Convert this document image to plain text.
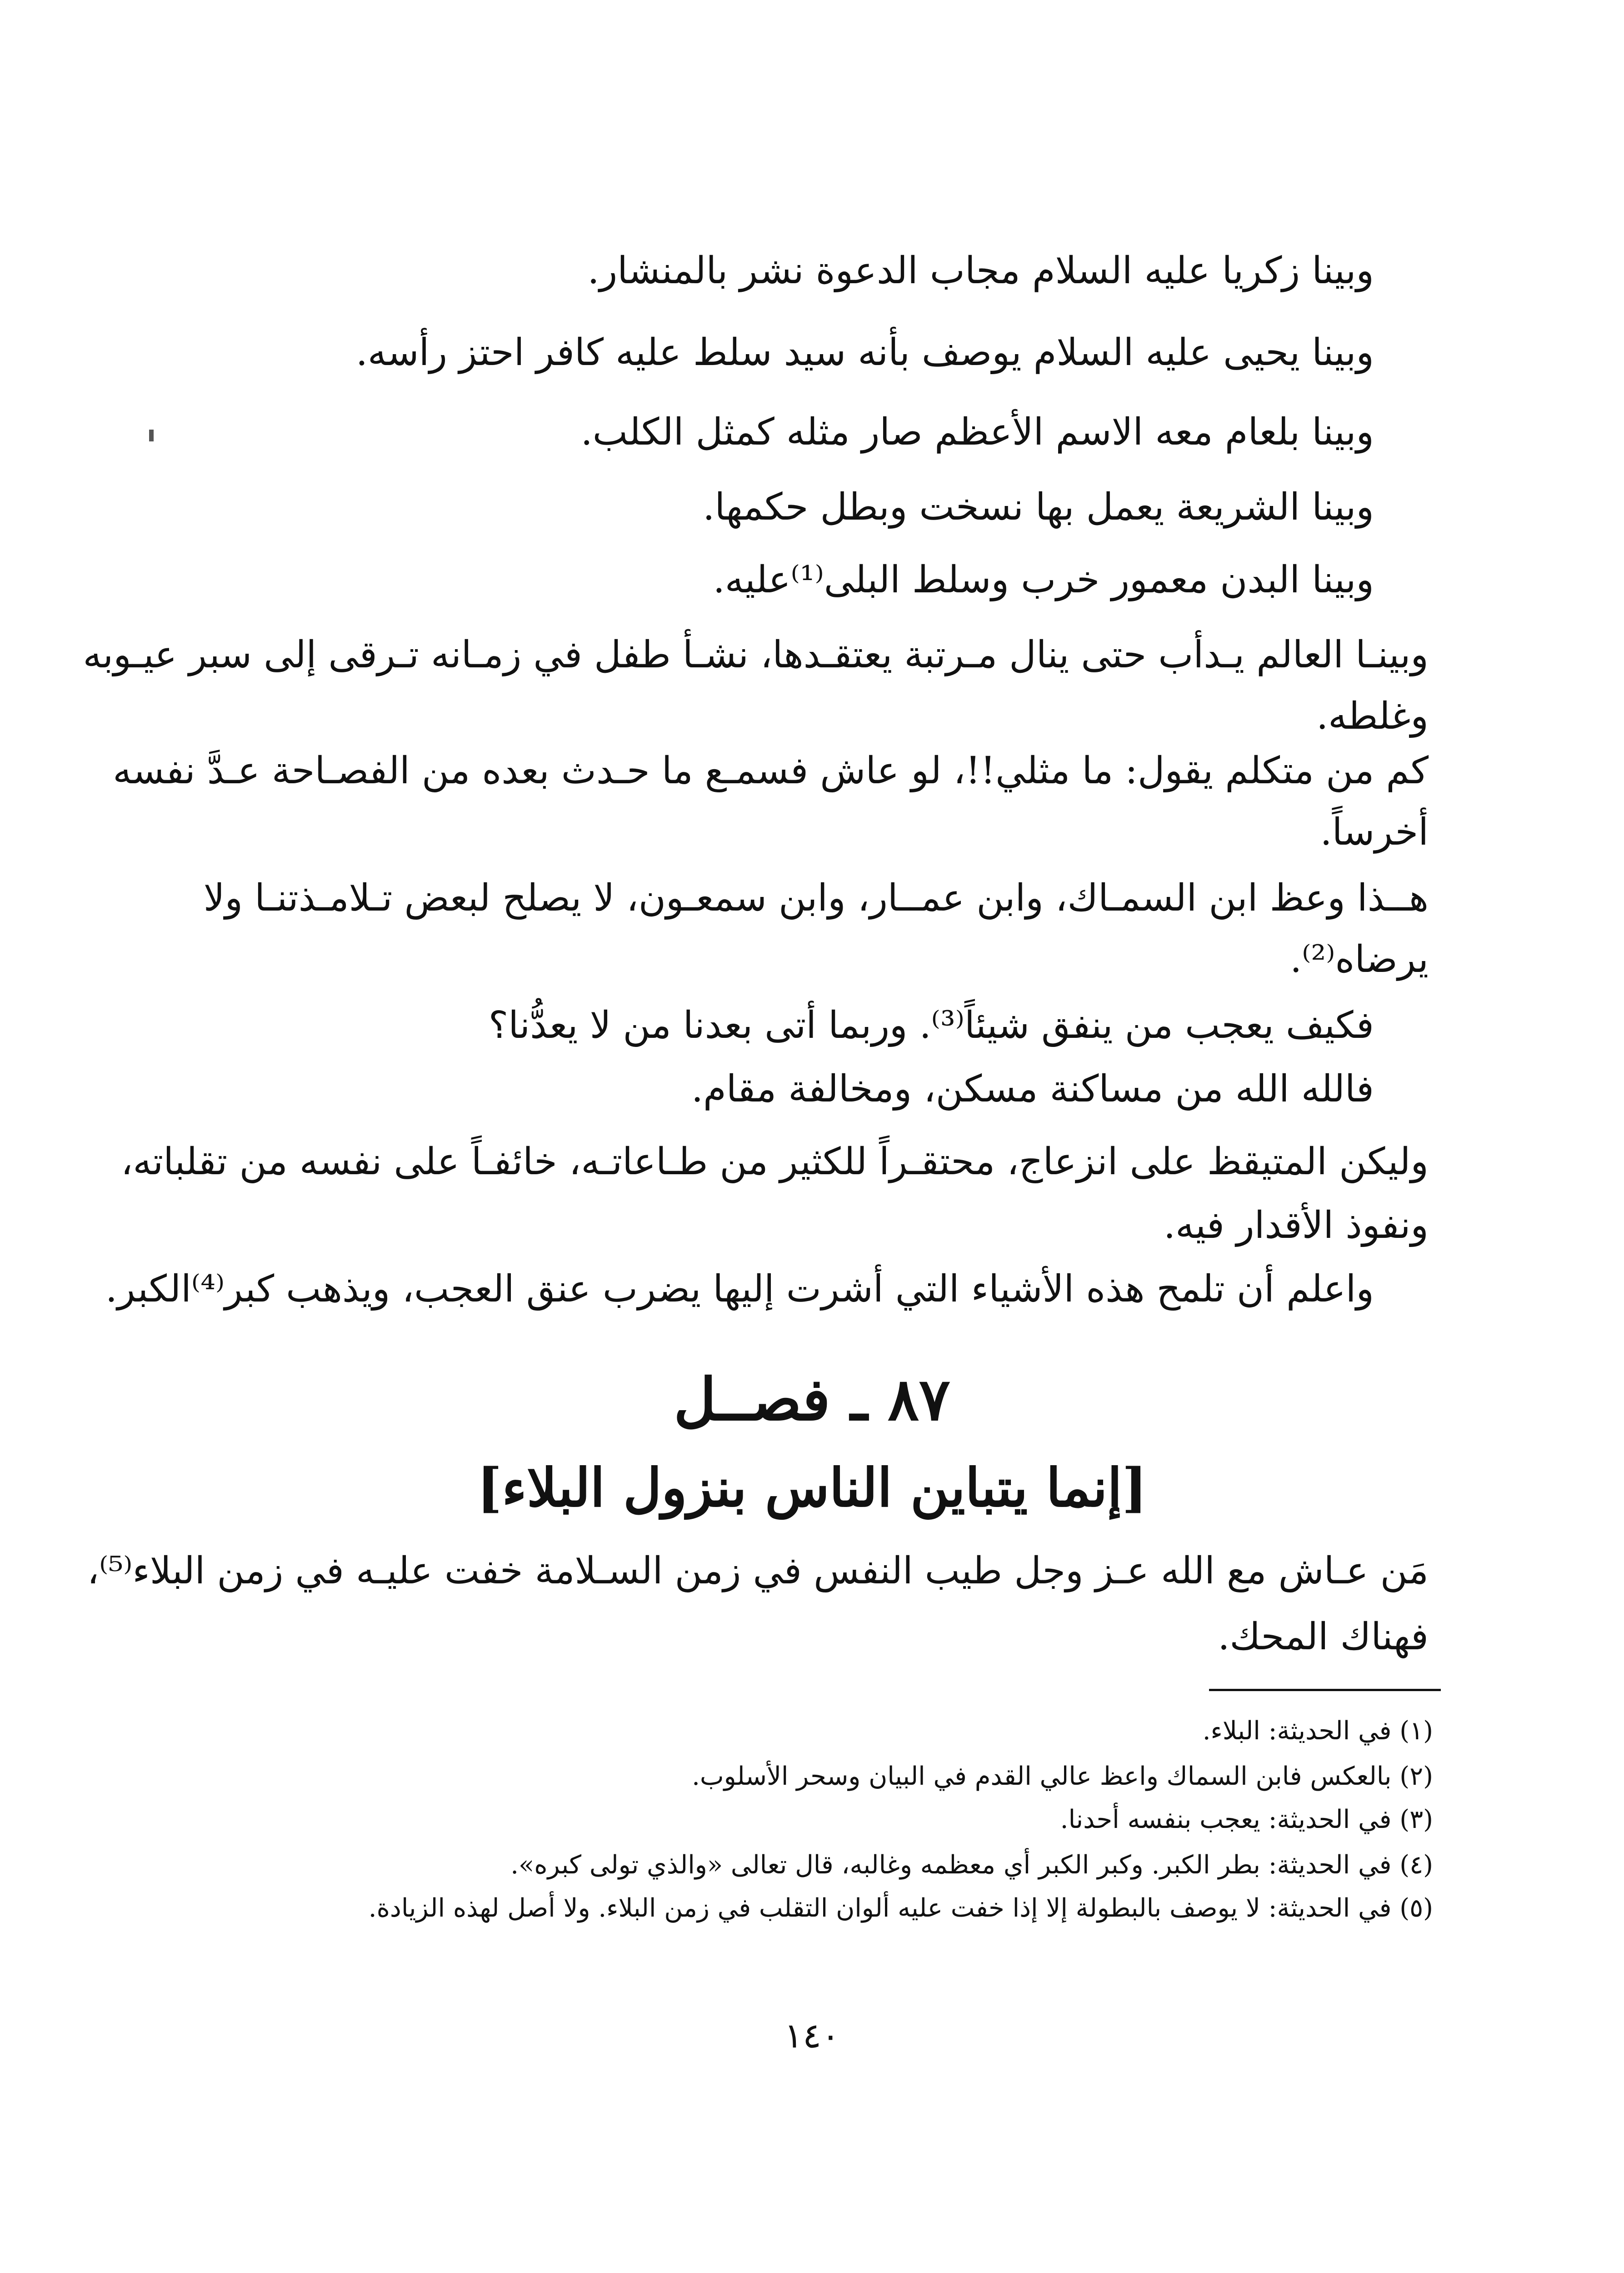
وبينا زكريا عليه السلام مجاب الدعوة نشر بالمنشار.
وبينا يحيى عليه السلام يوصف بأنه سيد سلط عليه كافر احتز رأسه.
وبينا بلعام معه الاسم الأعظم صار مثله كمثل الكلب.
وبينا الشريعة يعمل بها نسخت وبطل حكمها.
وبينا البدن معمور خرب وسلط البلى⁽¹⁾عليه.
وبينـا العالم يـدأب حتى ينال مـرتبة يعتقـدها، نشـأ طفل في زمـانه تـرقى إلى سبر عيـوبه
وغلطه.
كم من متكلم يقول: ما مثلي!!، لو عاش فسمـع ما حـدث بعده من الفصـاحة عـدَّ نفسه
أخرساً.
هــذا وعظ ابن السمـاك، وابن عمــار، وابن سمعـون، لا يصلح لبعض تـلامـذتنـا ولا
يرضاه⁽²⁾.
فكيف يعجب من ينفق شيئاً⁽³⁾. وربما أتى بعدنا من لا يعدُّنا؟
فالله الله من مساكنة مسكن، ومخالفة مقام.
وليكن المتيقظ على انزعاج، محتقـراً للكثير من طـاعاتـه، خائفـاً على نفسه من تقلباته،
ونفوذ الأقدار فيه.
واعلم أن تلمح هذه الأشياء التي أشرت إليها يضرب عنق العجب، ويذهب كبر⁽⁴⁾الكبر.
٨٧ ـ فصــل
[إنما يتباين الناس بنزول البلاء]
مَن عـاش مع الله عـز وجل طيب النفس في زمن السـلامة خفت عليـه في زمن البلاء⁽⁵⁾،
فهناك المحك.
(١) في الحديثة: البلاء.
(٢) بالعكس فابن السماك واعظ عالي القدم في البيان وسحر الأسلوب.
(٣) في الحديثة: يعجب بنفسه أحدنا.
(٤) في الحديثة: بطر الكبر. وكبر الكبر أي معظمه وغالبه، قال تعالى «والذي تولى كبره».
(٥) في الحديثة: لا يوصف بالبطولة إلا إذا خفت عليه ألوان التقلب في زمن البلاء. ولا أصل لهذه الزيادة.
١٤٠
